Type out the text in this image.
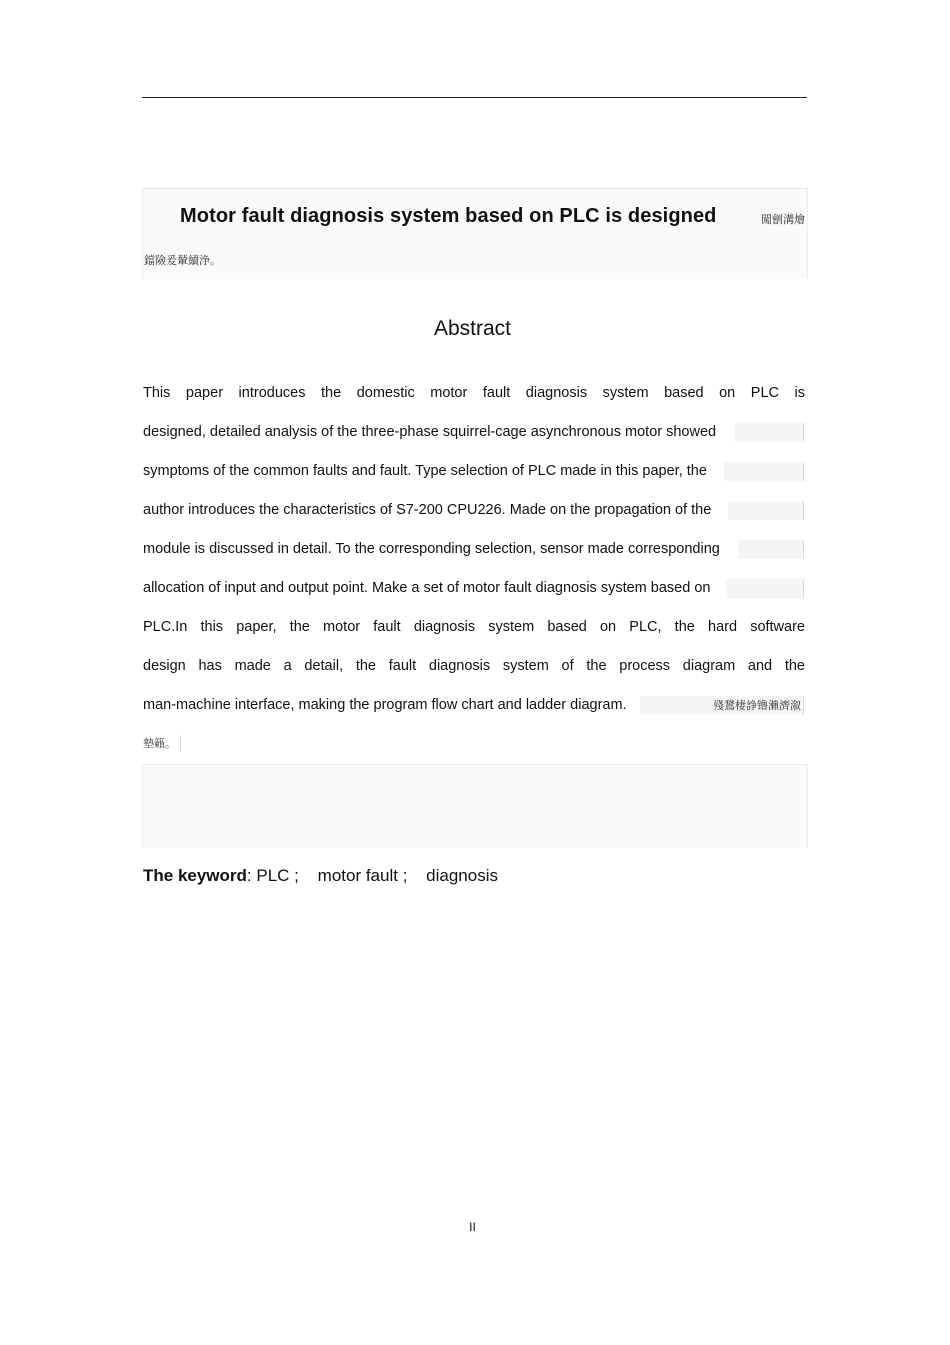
Motor fault diagnosis system based on PLC is designed	闖劊溝燴
鐺險爰輦續浄。
Abstract
This paper introduces the domestic motor fault diagnosis system based on PLC is
designed, detailed analysis of the three-phase squirrel-cage asynchronous motor showed
symptoms of the common faults and fault. Type selection of PLC made in this paper, the
author introduces the characteristics of S7-200 CPU226. Made on the propagation of the
module is discussed in detail. To the corresponding selection, sensor made corresponding
allocation of input and output point. Make a set of motor fault diagnosis system based on
PLC.In this paper, the motor fault diagnosis system based on PLC, the hard software
design has made a detail, the fault diagnosis system of the process diagram and the
man-machine interface, making the program flow chart and ladder diagram.	殘鵞棲諍镥瀨濟溆
墊籟。
The keyword: PLC ; motor fault ; diagnosis
II
